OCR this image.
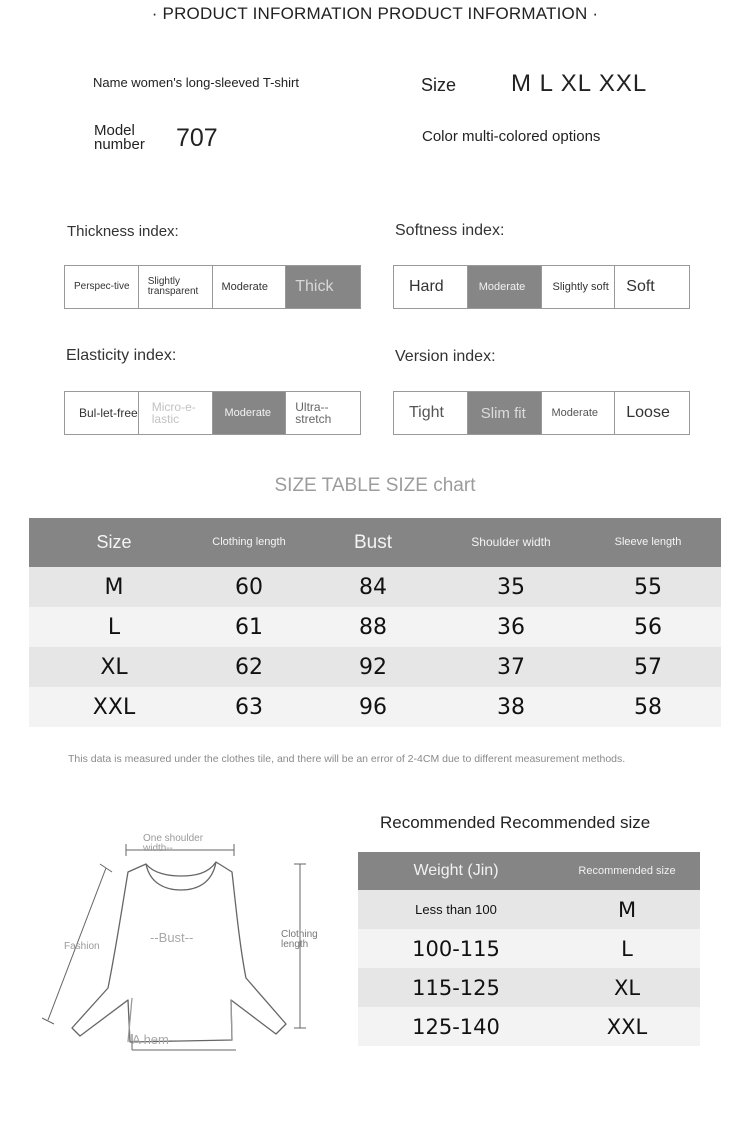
· PRODUCT INFORMATION PRODUCT INFORMATION ·
Name women's long-sleeved T-shirt	Size M L XL XXL
Model
number	707	Color multi-colored options
Thickness index:
Perspec-tive	Slightly transparent	Moderate	Thick
Softness index:
Hard	Moderate	Slightly soft	Soft
Elasticity index:
Bul-let-free	Micro-e-lastic	Moderate	Ultra--stretch
Version index:
Tight	Slim fit	Moderate	Loose
SIZE TABLE SIZE chart
Size	Clothing length	Bust	Shoulder width	Sleeve length
M	60	84	35	55
L	61	88	36	56
XL	62	92	37	57
XXL	63	96	38	58
This data is measured under the clothes tile, and there will be an error of 2-4CM due to different measurement methods.
One shoulder width--
Fashion
--Bust--	Clothing length
A hem--
Recommended Recommended size
Weight (Jin)	Recommended size
Less than 100	M
100-115	L
115-125	XL
125-140	XXL
